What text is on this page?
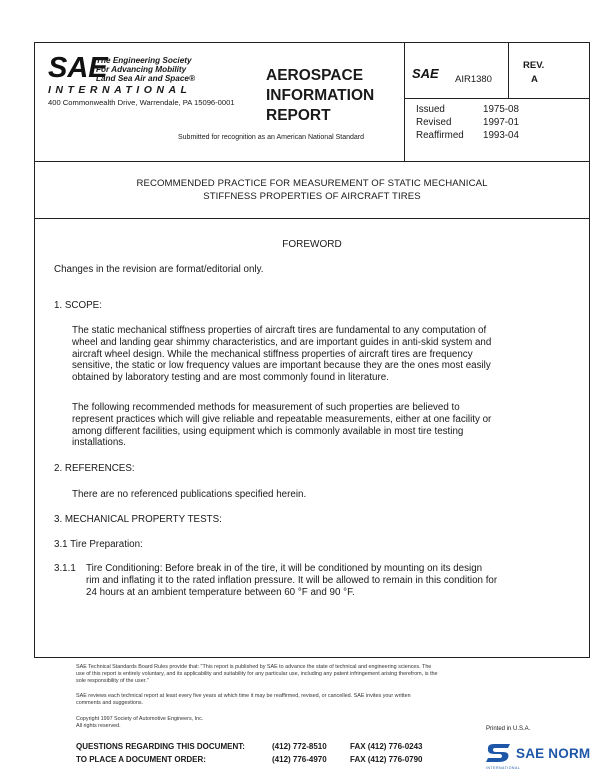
SAE
The Engineering Society
For Advancing Mobility
Land Sea Air and Space®
INTERNATIONAL
400 Commonwealth Drive, Warrendale, PA 15096-0001
AEROSPACE
INFORMATION
REPORT
Submitted for recognition as an American National Standard
SAE AIR1380
REV.
A
Issued	1975-08
Revised	1997-01
Reaffirmed 1993-04
RECOMMENDED PRACTICE FOR MEASUREMENT OF STATIC MECHANICAL
STIFFNESS PROPERTIES OF AIRCRAFT TIRES
FOREWORD
Changes in the revision are format/editorial only.
1. SCOPE:
The static mechanical stiffness properties of aircraft tires are fundamental to any computation of
wheel and landing gear shimmy characteristics, and are important guides in anti-skid system and
aircraft wheel design. While the mechanical stiffness properties of aircraft tires are frequency
sensitive, the static or low frequency values are important because they are the ones most easily
obtained by laboratory testing and are most commonly found in literature.
The following recommended methods for measurement of such properties are believed to
represent practices which will give reliable and repeatable measurements, either at one facility or
among different facilities, using equipment which is commonly available in most tire testing
installations.
2. REFERENCES:
There are no referenced publications specified herein.
3. MECHANICAL PROPERTY TESTS:
3.1 Tire Preparation:
3.1.1 Tire Conditioning: Before break in of the tire, it will be conditioned by mounting on its design
rim and inflating it to the rated inflation pressure. It will be allowed to remain in this condition for
24 hours at an ambient temperature between 60 °F and 90 °F.
SAE Technical Standards Board Rules provide that: "This report is published by SAE to advance the state of technical and engineering sciences. The
use of this report is entirely voluntary, and its applicability and suitability for any particular use, including any patent infringement arising therefrom, is the
sole responsibility of the user."
SAE reviews each technical report at least every five years at which time it may be reaffirmed, revised, or cancelled. SAE invites your written
comments and suggestions.
Copyright 1997 Society of Automotive Engineers, Inc.
All rights reserved.	Printed in U.S.A.
QUESTIONS REGARDING THIS DOCUMENT:	(412) 772-8510	FAX (412) 776-0243
TO PLACE A DOCUMENT ORDER:	(412) 776-4970	FAX (412) 776-0790	SAE NORM
INTERNATIONAL
